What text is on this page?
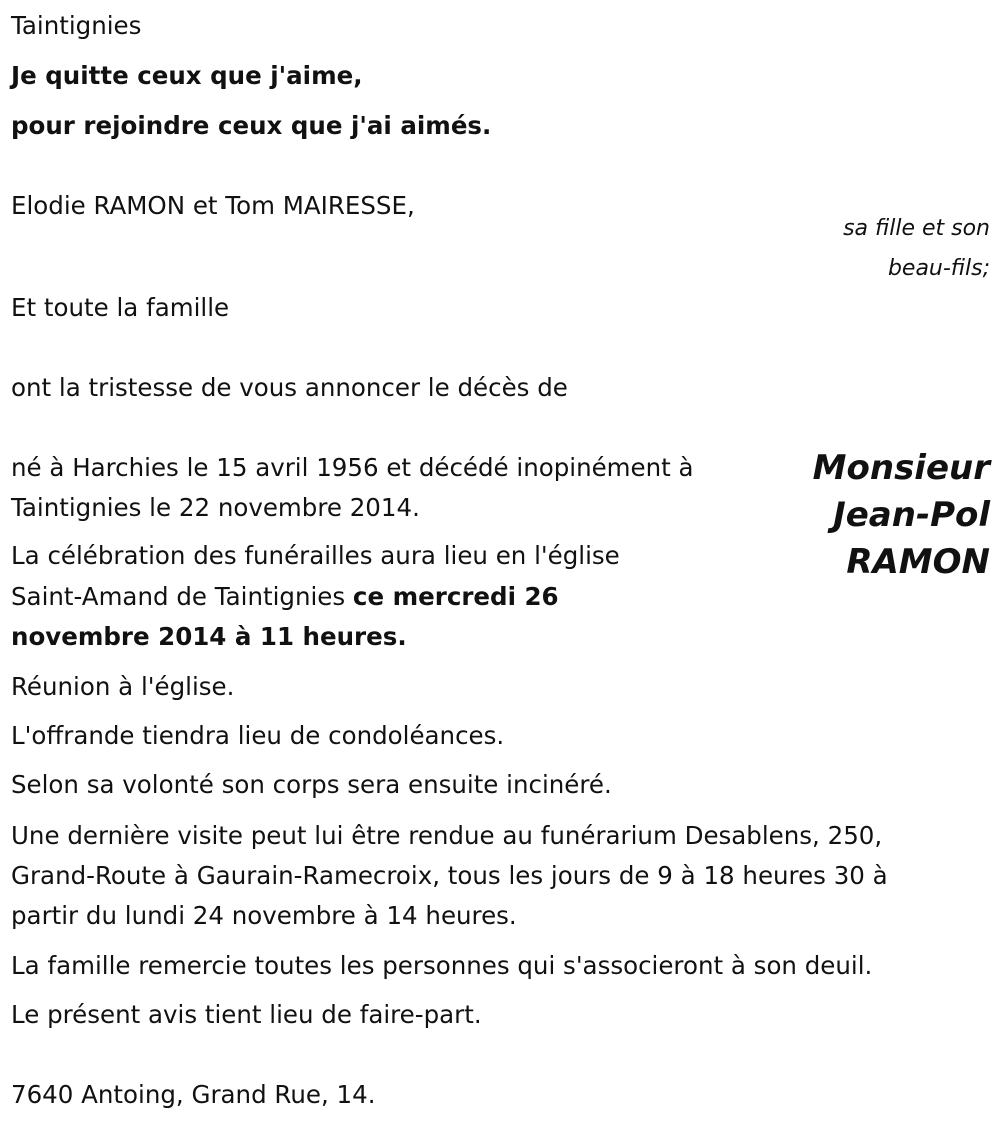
Taintignies
Je quitte ceux que j'aime,
pour rejoindre ceux que j'ai aimés.
Elodie RAMON et Tom MAIRESSE,
sa fille et son
beau-fils;
Et toute la famille
ont la tristesse de vous annoncer le décès de
Monsieur
Jean-Pol
RAMON
né à Harchies le 15 avril 1956 et décédé inopinément à
Taintignies le 22 novembre 2014.
La célébration des funérailles aura lieu en l'église
Saint-Amand de Taintignies ce mercredi 26
novembre 2014 à 11 heures.
Réunion à l'église.
L'offrande tiendra lieu de condoléances.
Selon sa volonté son corps sera ensuite incinéré.
Une dernière visite peut lui être rendue au funérarium Desablens, 250,
Grand-Route à Gaurain-Ramecroix, tous les jours de 9 à 18 heures 30 à
partir du lundi 24 novembre à 14 heures.
La famille remercie toutes les personnes qui s'associeront à son deuil.
Le présent avis tient lieu de faire-part.
7640 Antoing, Grand Rue, 14.
